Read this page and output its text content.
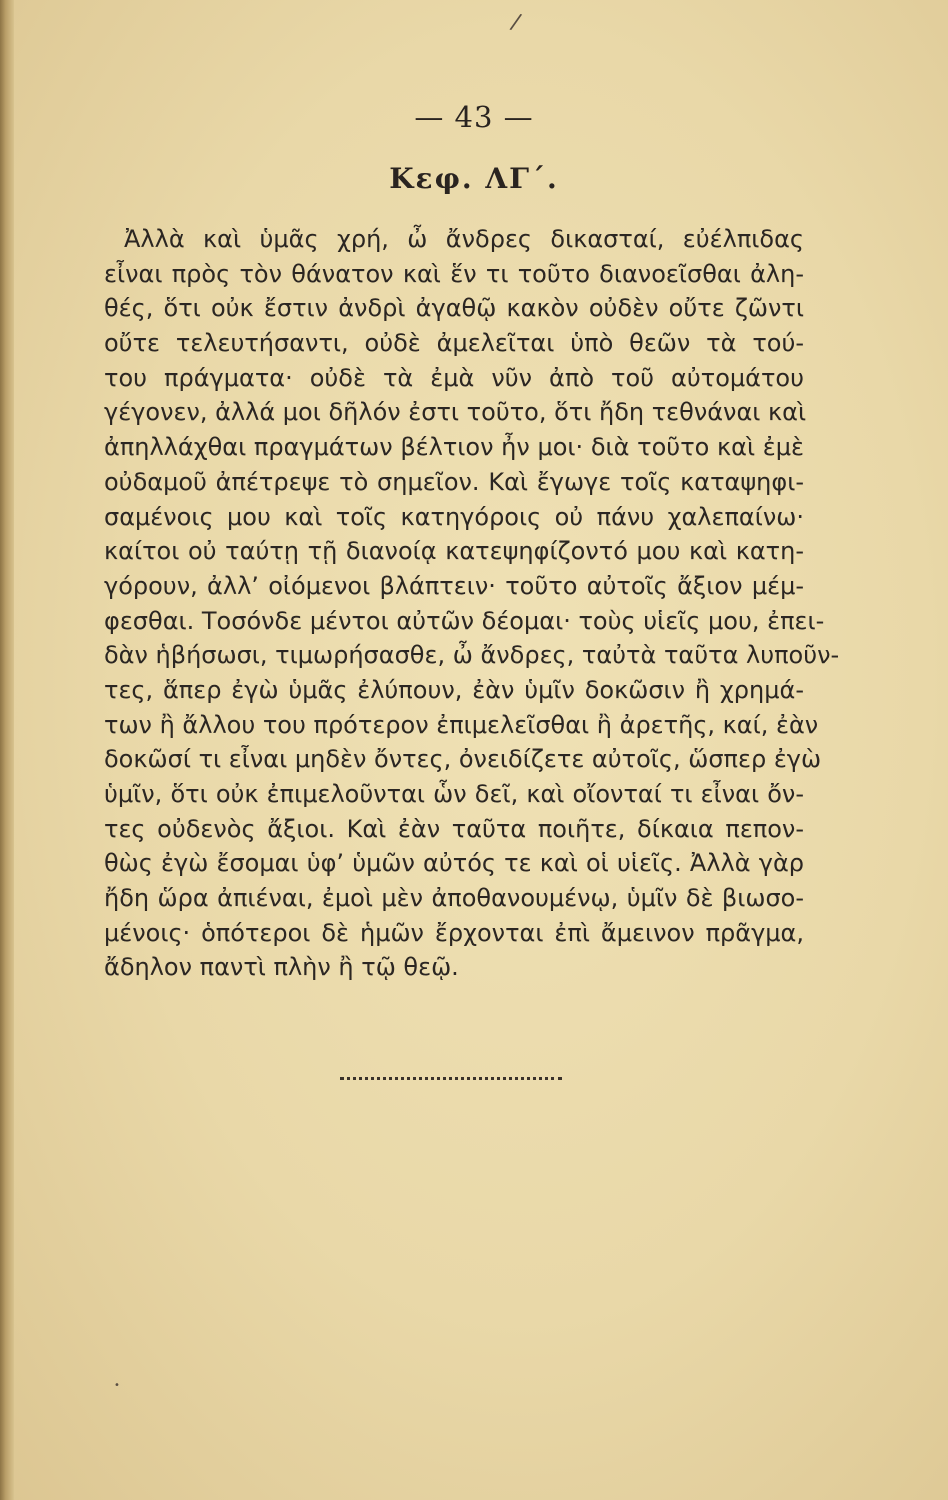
— 43 —
Κεφ. ΛΓ΄.
Ἀλλὰ καὶ ὑμᾶς χρή, ὦ ἄνδρες δικασταί, εὐέλπιδας
εἶναι πρὸς τὸν θάνατον καὶ ἕν τι τοῦτο διανοεῖσθαι ἀλη-
θές, ὅτι οὐκ ἔστιν ἀνδρὶ ἀγαθῷ κακὸν οὐδὲν οὔτε ζῶντι
οὔτε τελευτήσαντι, οὐδὲ ἀμελεῖται ὑπὸ θεῶν τὰ τού-
του πράγματα· οὐδὲ τὰ ἐμὰ νῦν ἀπὸ τοῦ αὐτομάτου
γέγονεν, ἀλλά μοι δῆλόν ἐστι τοῦτο, ὅτι ἤδη τεθνάναι καὶ
ἀπηλλάχθαι πραγμάτων βέλτιον ἦν μοι· διὰ τοῦτο καὶ ἐμὲ
οὐδαμοῦ ἀπέτρεψε τὸ σημεῖον. Καὶ ἔγωγε τοῖς καταψηφι-
σαμένοις μου καὶ τοῖς κατηγόροις οὐ πάνυ χαλεπαίνω·
καίτοι οὐ ταύτῃ τῇ διανοίᾳ κατεψηφίζοντό μου καὶ κατη-
γόρουν, ἀλλ’ οἰόμενοι βλάπτειν· τοῦτο αὐτοῖς ἄξιον μέμ-
φεσθαι. Τοσόνδε μέντοι αὐτῶν δέομαι· τοὺς υἱεῖς μου, ἐπει-
δὰν ἡβήσωσι, τιμωρήσασθε, ὦ ἄνδρες, ταὐτὰ ταῦτα λυποῦν-
τες, ἅπερ ἐγὼ ὑμᾶς ἐλύπουν, ἐὰν ὑμῖν δοκῶσιν ἢ χρημά-
των ἢ ἄλλου του πρότερον ἐπιμελεῖσθαι ἢ ἀρετῆς, καί, ἐὰν
δοκῶσί τι εἶναι μηδὲν ὄντες, ὀνειδίζετε αὐτοῖς, ὥσπερ ἐγὼ
ὑμῖν, ὅτι οὐκ ἐπιμελοῦνται ὧν δεῖ, καὶ οἴονταί τι εἶναι ὄν-
τες οὐδενὸς ἄξιοι. Καὶ ἐὰν ταῦτα ποιῆτε, δίκαια πεπον-
θὼς ἐγὼ ἔσομαι ὑφ’ ὑμῶν αὐτός τε καὶ οἱ υἱεῖς. Ἀλλὰ γὰρ
ἤδη ὥρα ἀπιέναι, ἐμοὶ μὲν ἀποθανουμένῳ, ὑμῖν δὲ βιωσο-
μένοις· ὁπότεροι δὲ ἡμῶν ἔρχονται ἐπὶ ἄμεινον πρᾶγμα,
ἄδηλον παντὶ πλὴν ἢ τῷ θεῷ.
/
•
